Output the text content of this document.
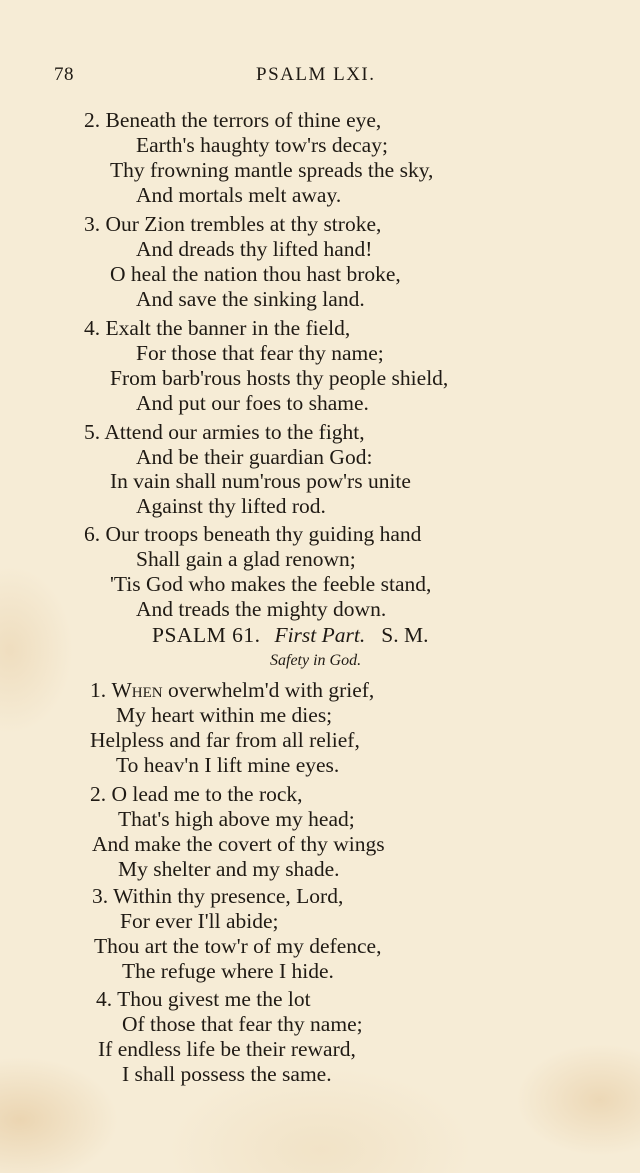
78	PSALM LXI.
2. Beneath the terrors of thine eye,
Earth's haughty tow'rs decay;
Thy frowning mantle spreads the sky,
And mortals melt away.
3. Our Zion trembles at thy stroke,
And dreads thy lifted hand!
O heal the nation thou hast broke,
And save the sinking land.
4. Exalt the banner in the field,
For those that fear thy name;
From barb'rous hosts thy people shield,
And put our foes to shame.
5. Attend our armies to the fight,
And be their guardian God:
In vain shall num'rous pow'rs unite
Against thy lifted rod.
6. Our troops beneath thy guiding hand
Shall gain a glad renown;
'Tis God who makes the feeble stand,
And treads the mighty down.
PSALM 61. First Part. S. M.
Safety in God.
1. When overwhelm'd with grief,
My heart within me dies;
Helpless and far from all relief,
To heav'n I lift mine eyes.
2. O lead me to the rock,
That's high above my head;
And make the covert of thy wings
My shelter and my shade.
3. Within thy presence, Lord,
For ever I'll abide;
Thou art the tow'r of my defence,
The refuge where I hide.
4. Thou givest me the lot
Of those that fear thy name;
If endless life be their reward,
I shall possess the same.
